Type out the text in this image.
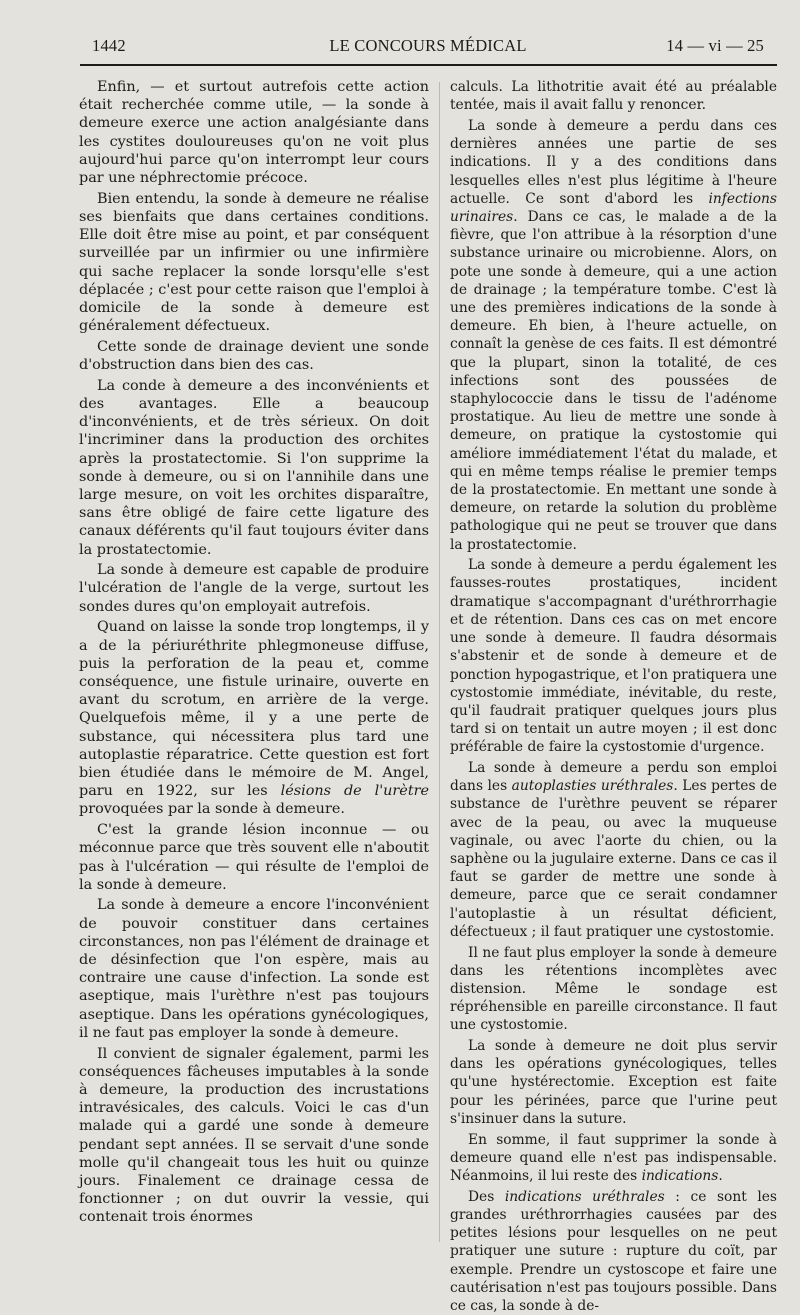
1442	LE CONCOURS MÉDICAL	14 — vi — 25

Enfin, — et surtout autrefois cette action était recherchée comme utile, — la sonde à demeure exerce une action analgésiante dans les cystites douloureuses qu'on ne voit plus aujourd'hui parce qu'on interrompt leur cours par une néphrectomie précoce.

Bien entendu, la sonde à demeure ne réalise ses bienfaits que dans certaines conditions. Elle doit être mise au point, et par conséquent surveillée par un infirmier ou une infirmière qui sache replacer la sonde lorsqu'elle s'est déplacée ; c'est pour cette raison que l'emploi à domicile de la sonde à demeure est généralement défectueux.

Cette sonde de drainage devient une sonde d'obstruction dans bien des cas.

La conde à demeure a des inconvénients et des avantages. Elle a beaucoup d'inconvénients, et de très sérieux. On doit l'incriminer dans la production des orchites après la prostatectomie. Si l'on supprime la sonde à demeure, ou si on l'annihile dans une large mesure, on voit les orchites disparaître, sans être obligé de faire cette ligature des canaux déférents qu'il faut toujours éviter dans la prostatectomie.

La sonde à demeure est capable de produire l'ulcération de l'angle de la verge, surtout les sondes dures qu'on employait autrefois.

Quand on laisse la sonde trop longtemps, il y a de la périuréthrite phlegmoneuse diffuse, puis la perforation de la peau et, comme conséquence, une fistule urinaire, ouverte en avant du scrotum, en arrière de la verge. Quelquefois même, il y a une perte de substance, qui nécessitera plus tard une autoplastie réparatrice. Cette question est fort bien étudiée dans le mémoire de M. Angel, paru en 1922, sur les lésions de l'urètre provoquées par la sonde à demeure.

C'est la grande lésion inconnue — ou méconnue parce que très souvent elle n'aboutit pas à l'ulcération — qui résulte de l'emploi de la sonde à demeure.

La sonde à demeure a encore l'inconvénient de pouvoir constituer dans certaines circonstances, non pas l'élément de drainage et de désinfection que l'on espère, mais au contraire une cause d'infection. La sonde est aseptique, mais l'urèthre n'est pas toujours aseptique. Dans les opérations gynécologiques, il ne faut pas employer la sonde à demeure.

Il convient de signaler également, parmi les conséquences fâcheuses imputables à la sonde à demeure, la production des incrustations intravésicales, des calculs. Voici le cas d'un malade qui a gardé une sonde à demeure pendant sept années. Il se servait d'une sonde molle qu'il changeait tous les huit ou quinze jours. Finalement ce drainage cessa de fonctionner ; on dut ouvrir la vessie, qui contenait trois énormes

calculs. La lithotritie avait été au préalable tentée, mais il avait fallu y renoncer.

La sonde à demeure a perdu dans ces dernières années une partie de ses indications. Il y a des conditions dans lesquelles elles n'est plus légitime à l'heure actuelle. Ce sont d'abord les infections urinaires. Dans ce cas, le malade a de la fièvre, que l'on attribue à la résorption d'une substance urinaire ou microbienne. Alors, on pote une sonde à demeure, qui a une action de drainage ; la température tombe. C'est là une des premières indications de la sonde à demeure. Eh bien, à l'heure actuelle, on connaît la genèse de ces faits. Il est démontré que la plupart, sinon la totalité, de ces infections sont des poussées de staphylococcie dans le tissu de l'adénome prostatique. Au lieu de mettre une sonde à demeure, on pratique la cystostomie qui améliore immédiatement l'état du malade, et qui en même temps réalise le premier temps de la prostatectomie. En mettant une sonde à demeure, on retarde la solution du problème pathologique qui ne peut se trouver que dans la prostatectomie.

La sonde à demeure a perdu également les fausses-routes prostatiques, incident dramatique s'accompagnant d'uréthrorrhagie et de rétention. Dans ces cas on met encore une sonde à demeure. Il faudra désormais s'abstenir et de sonde à demeure et de ponction hypogastrique, et l'on pratiquera une cystostomie immédiate, inévitable, du reste, qu'il faudrait pratiquer quelques jours plus tard si on tentait un autre moyen ; il est donc préférable de faire la cystostomie d'urgence.

La sonde à demeure a perdu son emploi dans les autoplasties uréthrales. Les pertes de substance de l'urèthre peuvent se réparer avec de la peau, ou avec la muqueuse vaginale, ou avec l'aorte du chien, ou la saphène ou la jugulaire externe. Dans ce cas il faut se garder de mettre une sonde à demeure, parce que ce serait condamner l'autoplastie à un résultat déficient, défectueux ; il faut pratiquer une cystostomie.

Il ne faut plus employer la sonde à demeure dans les rétentions incomplètes avec distension. Même le sondage est répréhensible en pareille circonstance. Il faut une cystostomie.

La sonde à demeure ne doit plus servir dans les opérations gynécologiques, telles qu'une hystérectomie. Exception est faite pour les périnées, parce que l'urine peut s'insinuer dans la suture.

En somme, il faut supprimer la sonde à demeure quand elle n'est pas indispensable. Néanmoins, il lui reste des indications.

Des indications uréthrales : ce sont les grandes uréthrorrhagies causées par des petites lésions pour lesquelles on ne peut pratiquer une suture : rupture du coït, par exemple. Prendre un cystoscope et faire une cautérisation n'est pas toujours possible. Dans ce cas, la sonde à de-
